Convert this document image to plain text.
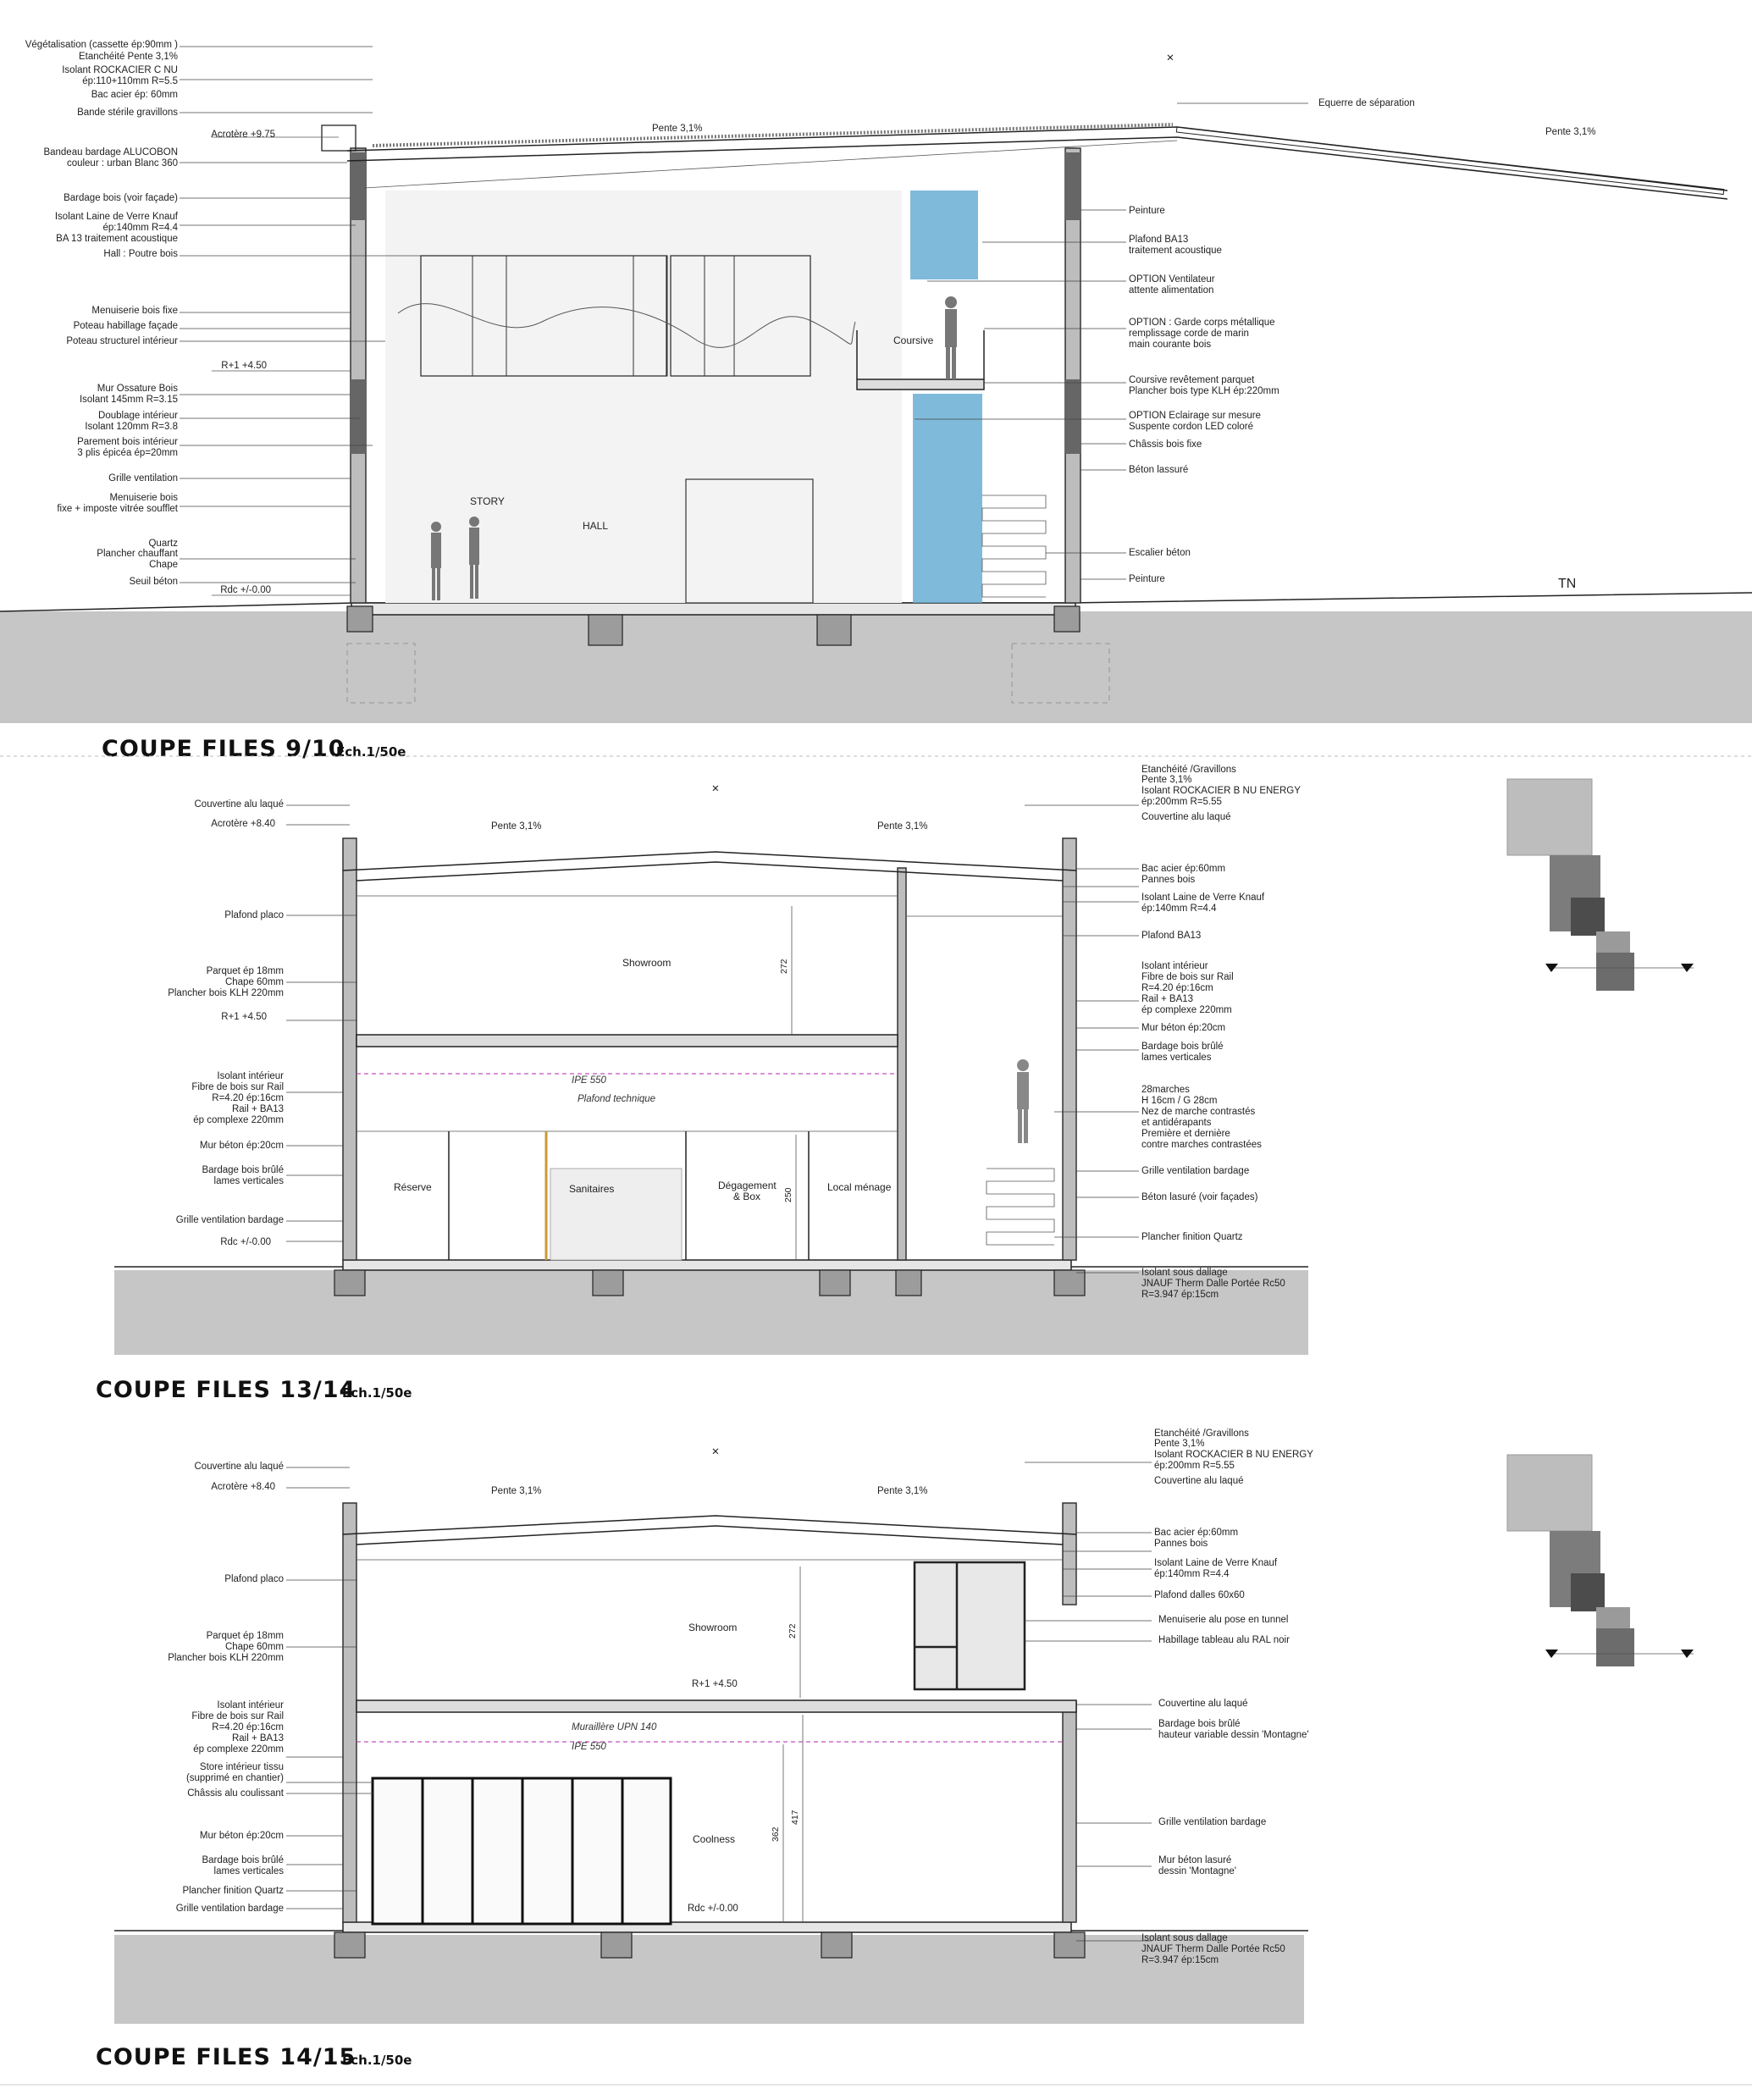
✕
Végétalisation (cassette ép:90mm )
Etanchéité Pente 3,1%
Isolant ROCKACIER C NU
ép:110+110mm R=5.5
Bac acier ép: 60mm
Bande stérile gravillons
Acrotère +9.75
Bandeau bardage ALUCOBON
couleur : urban Blanc 360
Bardage bois (voir façade)
Isolant Laine de Verre Knauf
ép:140mm R=4.4
BA 13 traitement acoustique
Hall : Poutre bois
Menuiserie bois fixe
Poteau habillage façade
Poteau structurel intérieur
R+1 +4.50
Mur Ossature Bois
Isolant 145mm R=3.15
Doublage intérieur
Isolant 120mm R=3.8
Parement bois intérieur
3 plis épicéa ép=20mm
Grille ventilation
Menuiserie bois
fixe + imposte vitrée soufflet
Quartz
Plancher chauffant
Chape
Seuil béton
Rdc +/-0.00
Equerre de séparation
Peinture
Plafond BA13
traitement acoustique
OPTION Ventilateur
attente alimentation
OPTION : Garde corps métallique
remplissage corde de marin
main courante bois
Coursive revêtement parquet
Plancher bois type KLH ép:220mm
OPTION Eclairage sur mesure
Suspente cordon LED coloré
Châssis bois fixe
Béton lassuré
Escalier béton
Peinture
Pente 3,1%	Pente 3,1%
STORY
HALL
Coursive
TN
COUPE FILES 9/10
Ech.1/50e
✕
Couvertine alu laqué
Acrotère +8.40
Plafond placo
Parquet ép 18mm
Chape 60mm
Plancher bois KLH 220mm
R+1 +4.50
Isolant intérieur
Fibre de bois sur Rail
R=4.20 ép:16cm
Rail + BA13
ép complexe 220mm
Mur béton ép:20cm
Bardage bois brûlé
lames verticales
Grille ventilation bardage
Rdc +/-0.00
Etanchéité /Gravillons
Pente 3,1%
Isolant ROCKACIER B NU ENERGY
ép:200mm R=5.55
Couvertine alu laqué
Bac acier ép:60mm
Pannes bois
Isolant Laine de Verre Knauf
ép:140mm R=4.4
Plafond BA13
Isolant intérieur
Fibre de bois sur Rail
R=4.20 ép:16cm
Rail + BA13
ép complexe 220mm
Mur béton ép:20cm
Bardage bois brûlé
lames verticales
28marches
H 16cm / G 28cm
Nez de marche contrastés
et antidérapants
Première et dernière
contre marches contrastées
Grille ventilation bardage
Béton lasuré (voir façades)
Plancher finition Quartz
Isolant sous dallage
JNAUF Therm Dalle Portée Rc50
R=3.947 ép:15cm
Pente 3,1%	Pente 3,1%
Showroom
IPE 550
Plafond technique
Réserve	Sanitaires	Dégagement
& Box
Local ménage
272
250
COUPE FILES 13/14
Ech.1/50e
✕
Couvertine alu laqué
Acrotère +8.40
Plafond placo
Parquet ép 18mm
Chape 60mm
Plancher bois KLH 220mm
Isolant intérieur
Fibre de bois sur Rail
R=4.20 ép:16cm
Rail + BA13
ép complexe 220mm
Store intérieur tissu
(supprimé en chantier)
Châssis alu coulissant
Mur béton ép:20cm
Bardage bois brûlé
lames verticales
Plancher finition Quartz
Grille ventilation bardage
Etanchéité /Gravillons
Pente 3,1%
Isolant ROCKACIER B NU ENERGY
ép:200mm R=5.55
Couvertine alu laqué
Bac acier ép:60mm
Pannes bois
Isolant Laine de Verre Knauf
ép:140mm R=4.4
Plafond dalles 60x60
Menuiserie alu pose en tunnel
Habillage tableau alu RAL noir
Couvertine alu laqué
Bardage bois brûlé
hauteur variable dessin 'Montagne'
Grille ventilation bardage
Mur béton lasuré
dessin 'Montagne'
Isolant sous dallage
JNAUF Therm Dalle Portée Rc50
R=3.947 ép:15cm
Pente 3,1%	Pente 3,1%
Showroom
R+1 +4.50
Muraillère UPN 140
IPE 550
Coolness
Rdc +/-0.00
272
362
417
COUPE FILES 14/15
Ech.1/50e
